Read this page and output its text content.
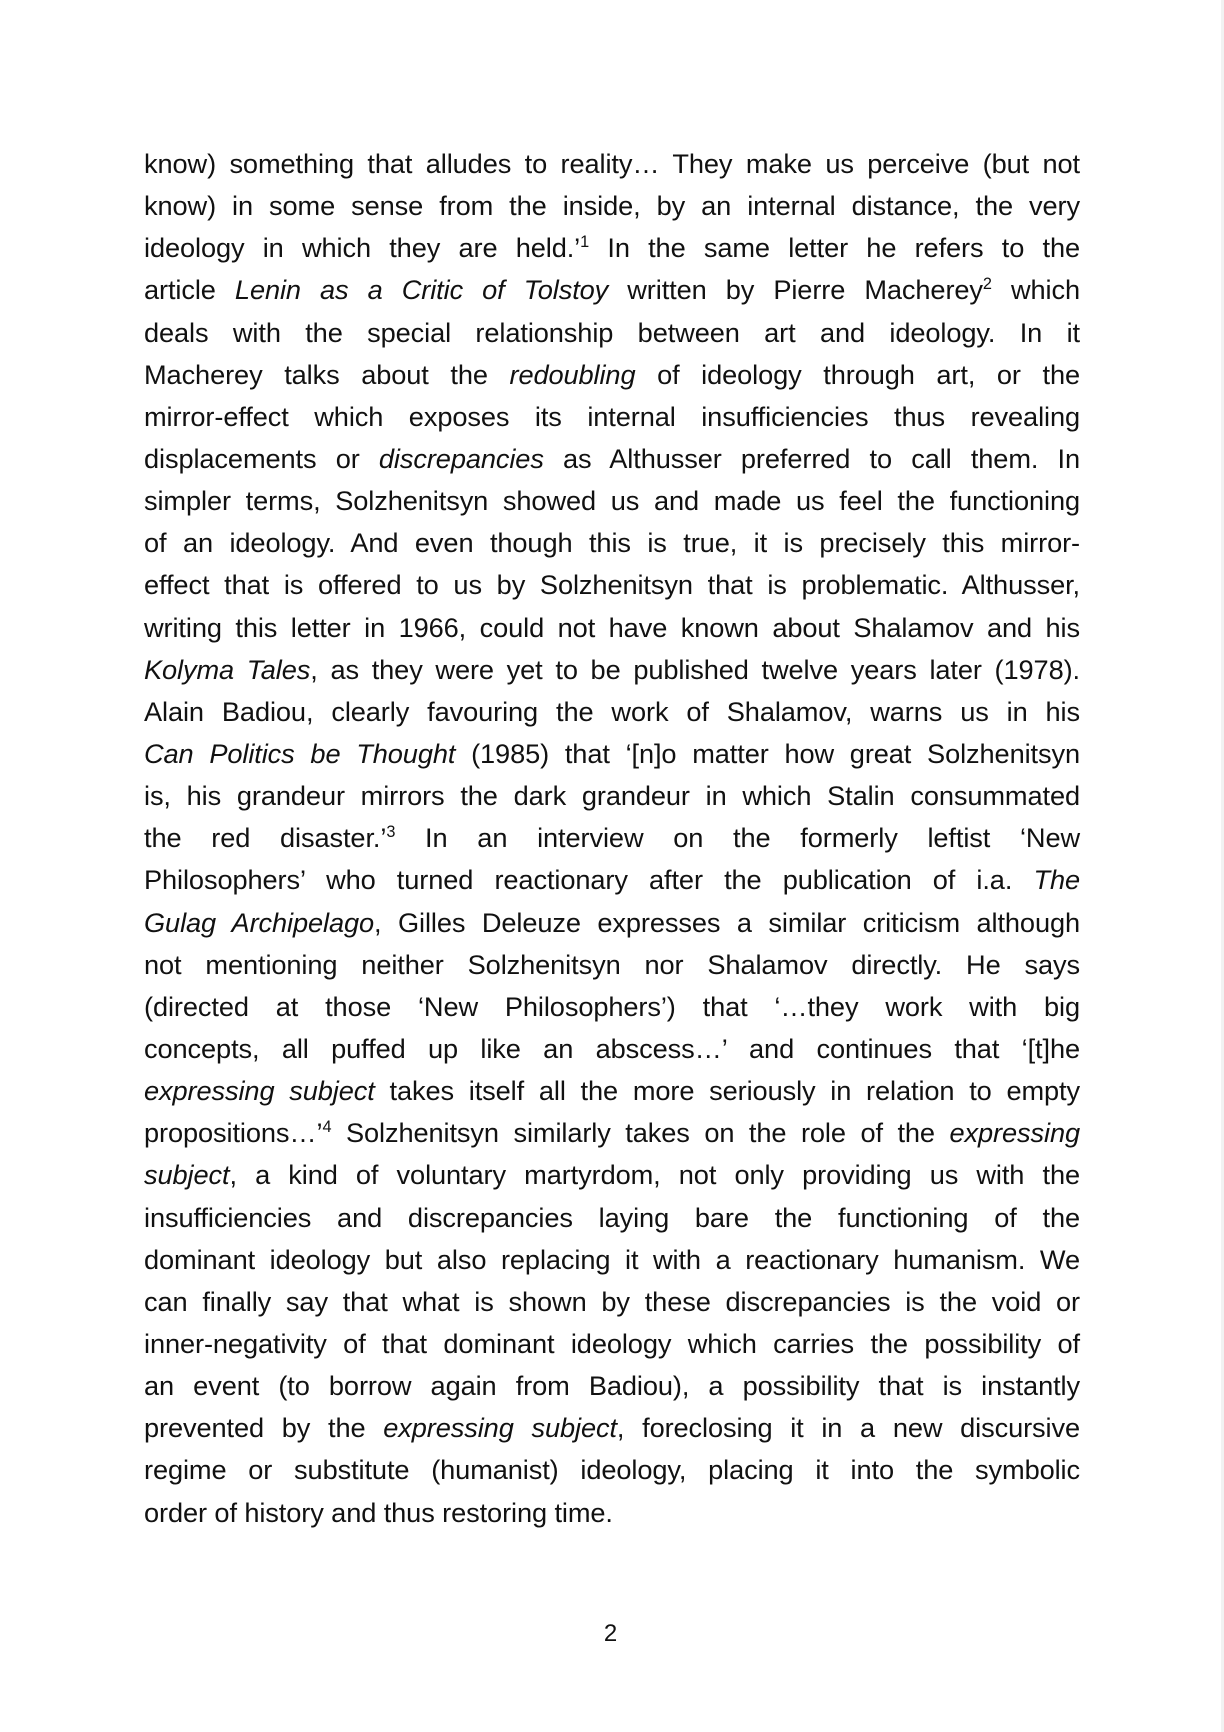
know) something that alludes to reality… They make us perceive (but not
know) in some sense from the inside, by an internal distance, the very
ideology in which they are held.’$^1$ In the same letter he refers to the
article Lenin as a Critic of Tolstoy written by Pierre Macherey$^2$ which
deals with the special relationship between art and ideology. In it
Macherey talks about the redoubling of ideology through art, or the
mirror-effect which exposes its internal insufficiencies thus revealing
displacements or discrepancies as Althusser preferred to call them. In
simpler terms, Solzhenitsyn showed us and made us feel the functioning
of an ideology. And even though this is true, it is precisely this mirror-
effect that is offered to us by Solzhenitsyn that is problematic. Althusser,
writing this letter in 1966, could not have known about Shalamov and his
Kolyma Tales, as they were yet to be published twelve years later (1978).
Alain Badiou, clearly favouring the work of Shalamov, warns us in his
Can Politics be Thought (1985) that ‘[n]o matter how great Solzhenitsyn
is, his grandeur mirrors the dark grandeur in which Stalin consummated
the red disaster.’$^3$ In an interview on the formerly leftist ‘New
Philosophers’ who turned reactionary after the publication of i.a. The
Gulag Archipelago, Gilles Deleuze expresses a similar criticism although
not mentioning neither Solzhenitsyn nor Shalamov directly. He says
(directed at those ‘New Philosophers’) that ‘…they work with big
concepts, all puffed up like an abscess…’ and continues that ‘[t]he
expressing subject takes itself all the more seriously in relation to empty
propositions…’$^4$ Solzhenitsyn similarly takes on the role of the expressing
subject, a kind of voluntary martyrdom, not only providing us with the
insufficiencies and discrepancies laying bare the functioning of the
dominant ideology but also replacing it with a reactionary humanism. We
can finally say that what is shown by these discrepancies is the void or
inner-negativity of that dominant ideology which carries the possibility of
an event (to borrow again from Badiou), a possibility that is instantly
prevented by the expressing subject, foreclosing it in a new discursive
regime or substitute (humanist) ideology, placing it into the symbolic
order of history and thus restoring time.
2
